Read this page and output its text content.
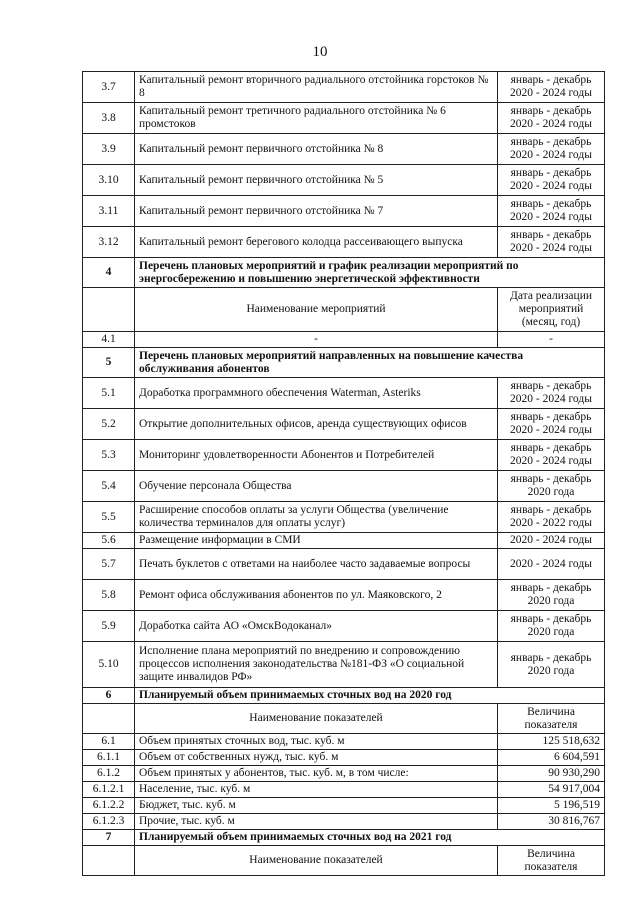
10
3.7	Капитальный ремонт вторичного радиального отстойника горстоков № 8	январь - декабрь 2020 - 2024 годы
3.8	Капитальный ремонт третичного радиального отстойника № 6 промстоков	январь - декабрь 2020 - 2024 годы
3.9	Капитальный ремонт первичного отстойника № 8	январь - декабрь 2020 - 2024 годы
3.10	Капитальный ремонт первичного отстойника № 5	январь - декабрь 2020 - 2024 годы
3.11	Капитальный ремонт первичного отстойника № 7	январь - декабрь 2020 - 2024 годы
3.12	Капитальный ремонт берегового колодца рассеивающего выпуска	январь - декабрь 2020 - 2024 годы
4	Перечень плановых мероприятий и график реализации мероприятий по энергосбережению и повышению энергетической эффективности	
	Наименование мероприятий	Дата реализации мероприятий (месяц, год)
4.1	-	-
5	Перечень плановых мероприятий направленных на повышение качества обслуживания абонентов	
5.1	Доработка программного обеспечения Waterman, Asteriks	январь - декабрь 2020 - 2024 годы
5.2	Открытие дополнительных офисов, аренда существующих офисов	январь - декабрь 2020 - 2024 годы
5.3	Мониторинг удовлетворенности Абонентов и Потребителей	январь - декабрь 2020 - 2024 годы
5.4	Обучение персонала Общества	январь - декабрь 2020 года
5.5	Расширение способов оплаты за услуги Общества (увеличение количества терминалов для оплаты услуг)	январь - декабрь 2020 - 2022 годы
5.6	Размещение информации в СМИ	2020 - 2024 годы
5.7	Печать буклетов с ответами на наиболее часто задаваемые вопросы	2020 - 2024 годы
5.8	Ремонт офиса обслуживания абонентов по ул. Маяковского, 2	январь - декабрь 2020 года
5.9	Доработка сайта АО «ОмскВодоканал»	январь - декабрь 2020 года
5.10	Исполнение плана мероприятий по внедрению и сопровождению процессов исполнения законодательства №181-ФЗ «О социальной защите инвалидов РФ»	январь - декабрь 2020 года
6	Планируемый объем принимаемых сточных вод на 2020 год	
	Наименование показателей	Величина показателя
6.1	Объем принятых сточных вод, тыс. куб. м	125 518,632
6.1.1	Объем от собственных нужд, тыс. куб. м	6 604,591
6.1.2	Объем принятых у абонентов, тыс. куб. м, в том числе:	90 930,290
6.1.2.1	Население, тыс. куб. м	54 917,004
6.1.2.2	Бюджет, тыс. куб. м	5 196,519
6.1.2.3	Прочие, тыс. куб. м	30 816,767
7	Планируемый объем принимаемых сточных вод на 2021 год	
	Наименование показателей	Величина показателя
